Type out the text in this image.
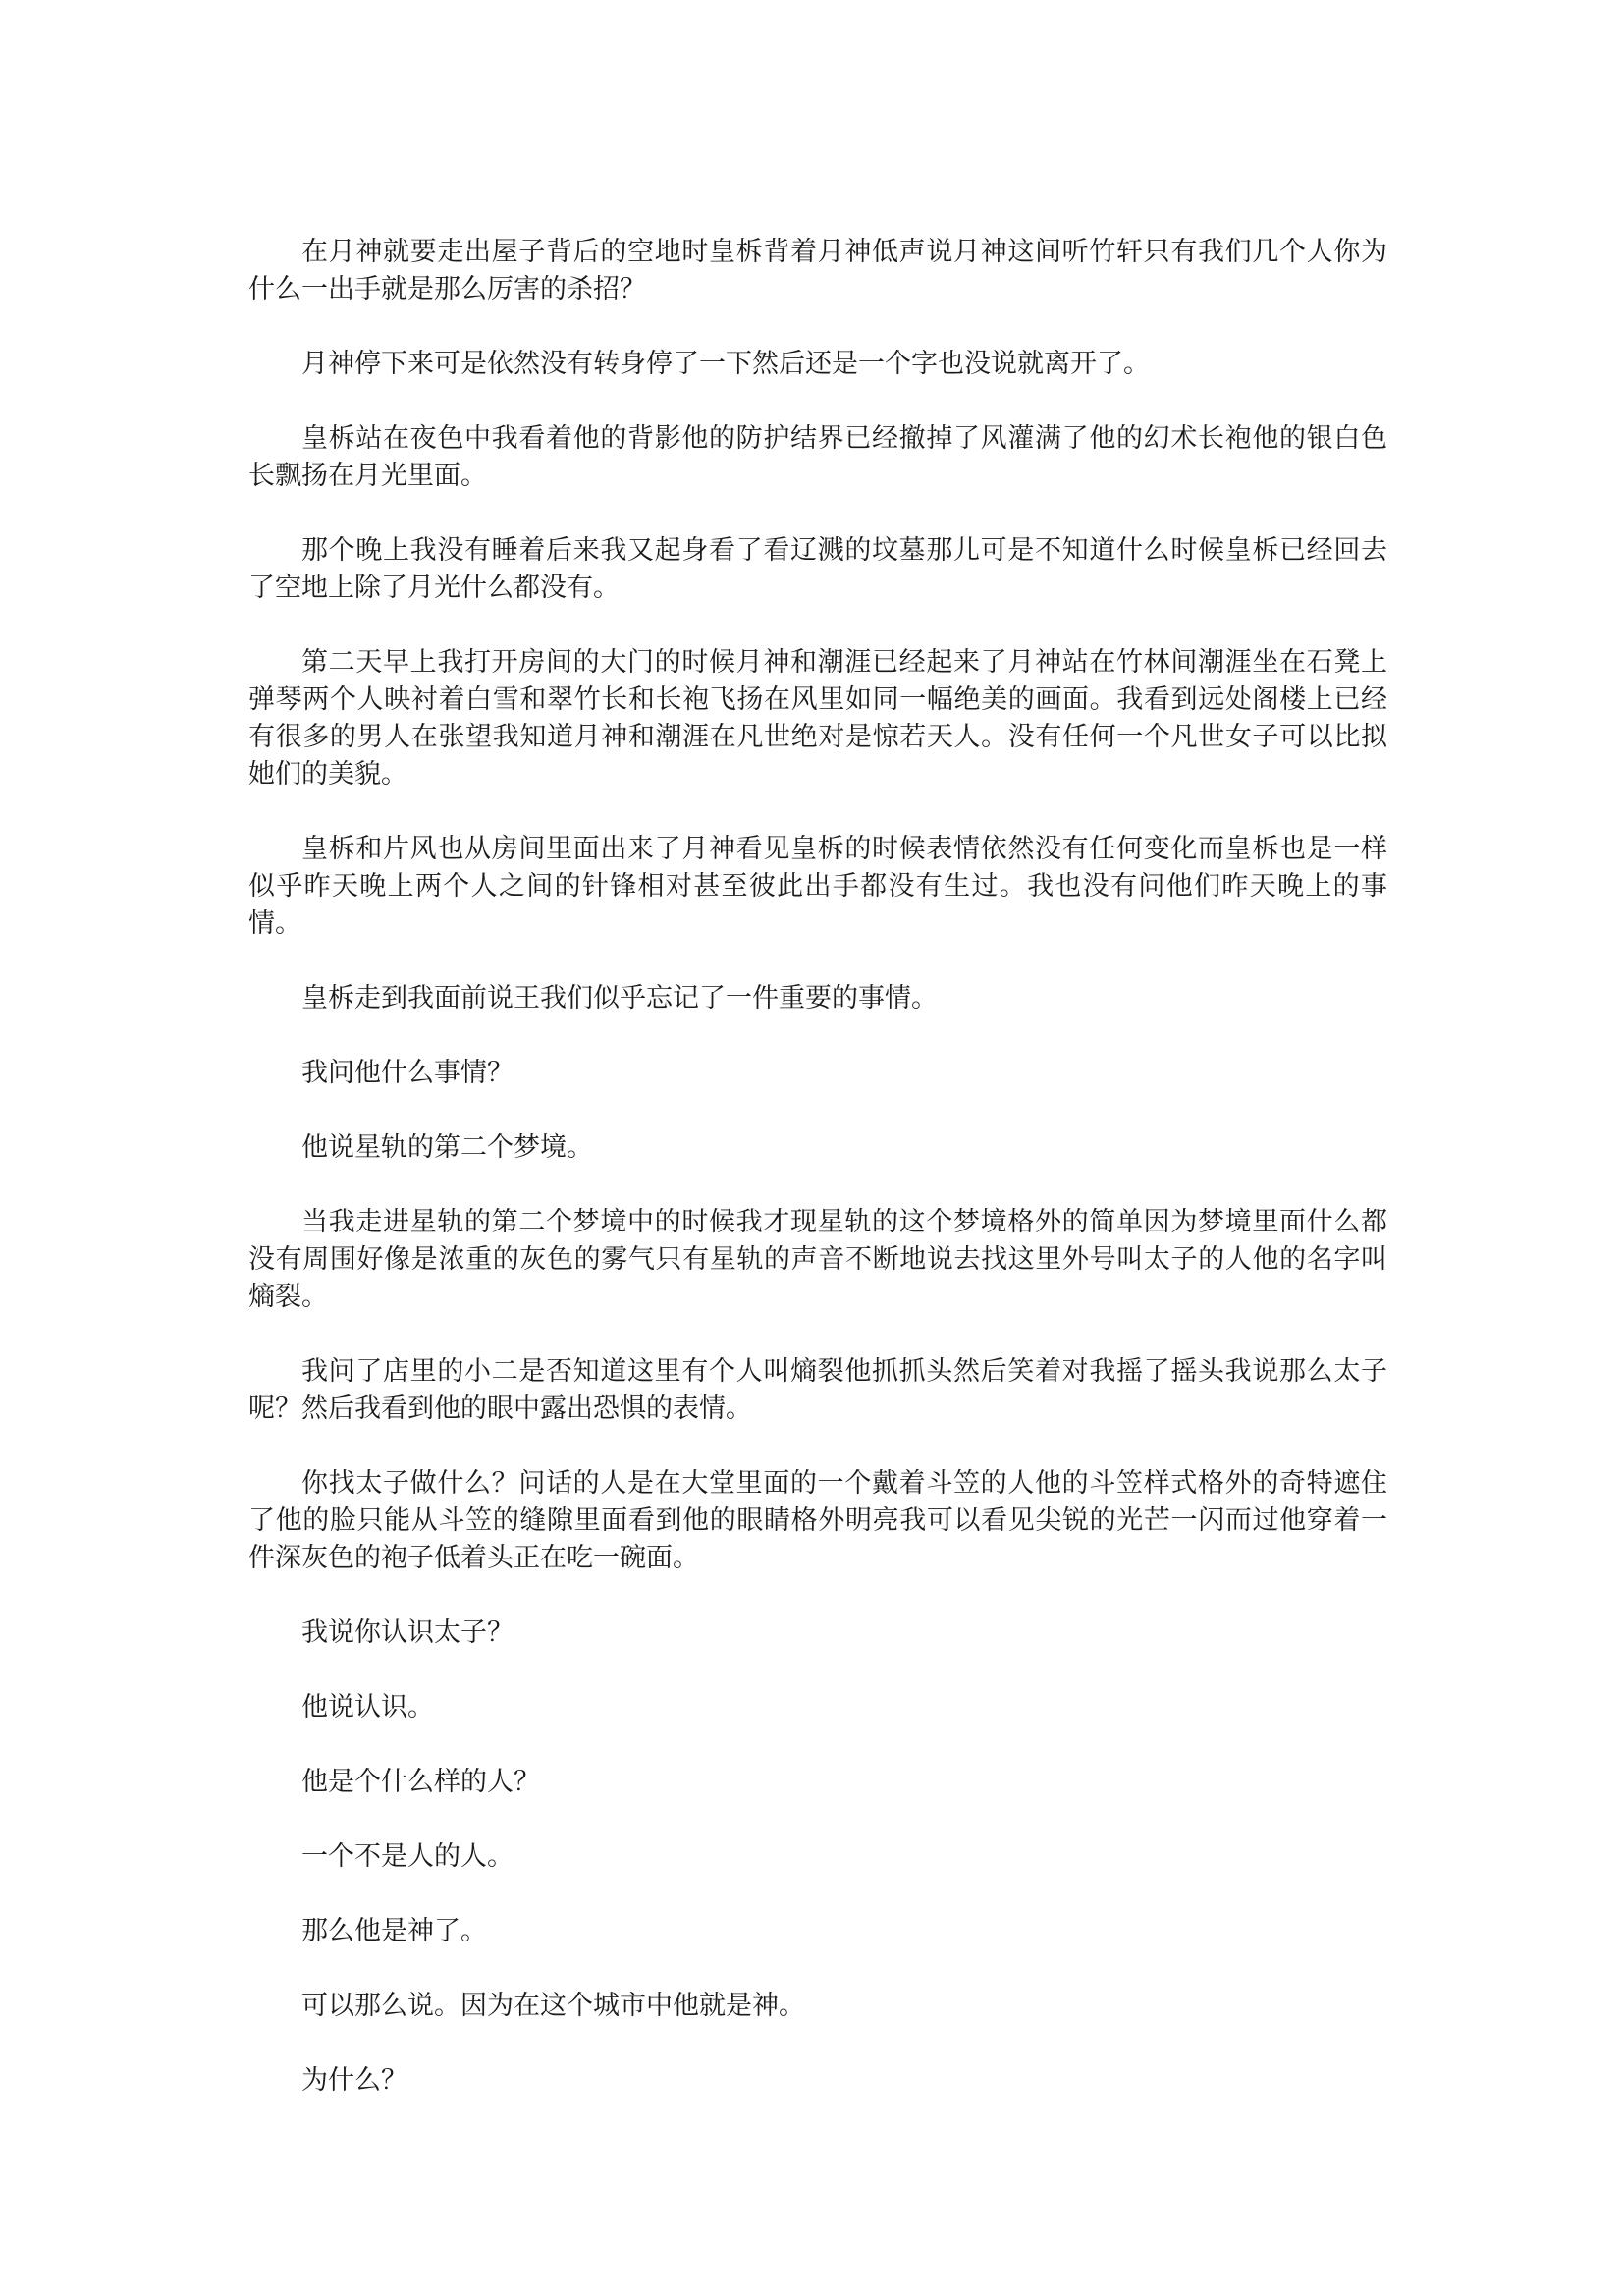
在月神就要走出屋子背后的空地时皇柝背着月神低声说月神这间听竹轩只有我们几个人你为什么一出手就是那么厉害的杀招？

月神停下来可是依然没有转身停了一下然后还是一个字也没说就离开了。

皇柝站在夜色中我看着他的背影他的防护结界已经撤掉了风灌满了他的幻术长袍他的银白色长飘扬在月光里面。

那个晚上我没有睡着后来我又起身看了看辽溅的坟墓那儿可是不知道什么时候皇柝已经回去了空地上除了月光什么都没有。

第二天早上我打开房间的大门的时候月神和潮涯已经起来了月神站在竹林间潮涯坐在石凳上弹琴两个人映衬着白雪和翠竹长和长袍飞扬在风里如同一幅绝美的画面。我看到远处阁楼上已经有很多的男人在张望我知道月神和潮涯在凡世绝对是惊若天人。没有任何一个凡世女子可以比拟她们的美貌。

皇柝和片风也从房间里面出来了月神看见皇柝的时候表情依然没有任何变化而皇柝也是一样似乎昨天晚上两个人之间的针锋相对甚至彼此出手都没有生过。我也没有问他们昨天晚上的事情。

皇柝走到我面前说王我们似乎忘记了一件重要的事情。

我问他什么事情？

他说星轨的第二个梦境。

当我走进星轨的第二个梦境中的时候我才现星轨的这个梦境格外的简单因为梦境里面什么都没有周围好像是浓重的灰色的雾气只有星轨的声音不断地说去找这里外号叫太子的人他的名字叫熵裂。

我问了店里的小二是否知道这里有个人叫熵裂他抓抓头然后笑着对我摇了摇头我说那么太子呢？然后我看到他的眼中露出恐惧的表情。

你找太子做什么？问话的人是在大堂里面的一个戴着斗笠的人他的斗笠样式格外的奇特遮住了他的脸只能从斗笠的缝隙里面看到他的眼睛格外明亮我可以看见尖锐的光芒一闪而过他穿着一件深灰色的袍子低着头正在吃一碗面。

我说你认识太子？

他说认识。

他是个什么样的人？

一个不是人的人。

那么他是神了。

可以那么说。因为在这个城市中他就是神。

为什么？
